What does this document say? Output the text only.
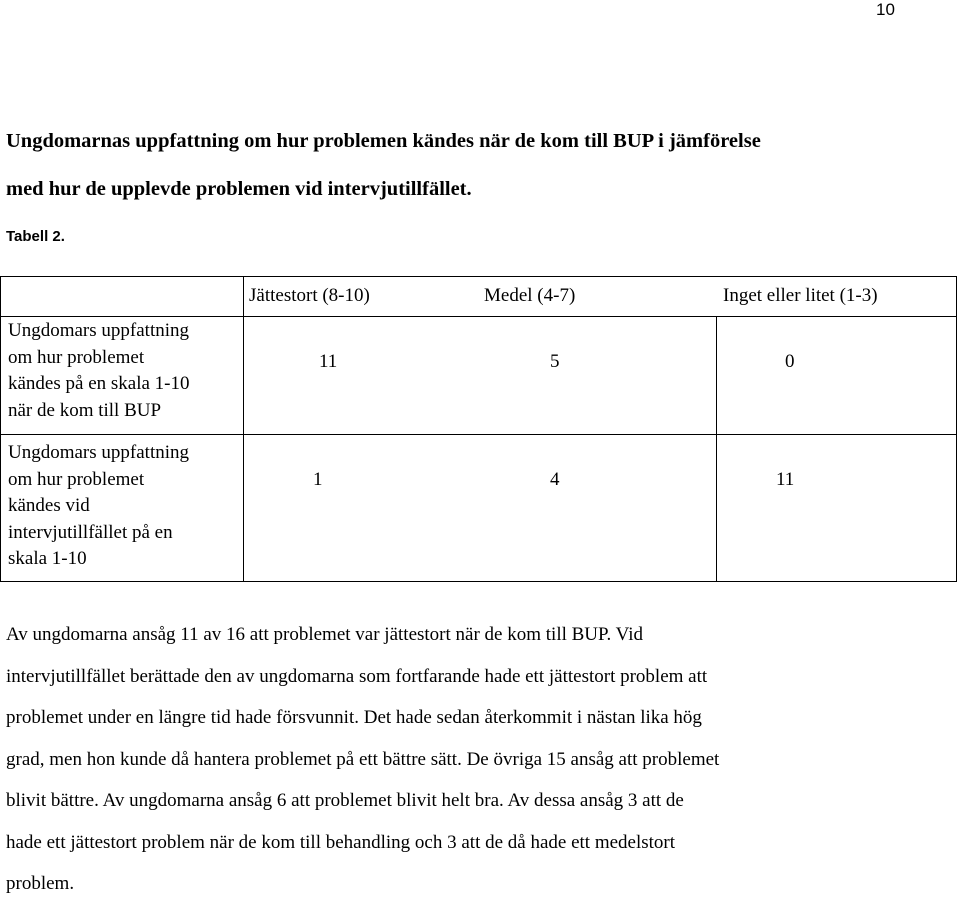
10
Ungdomarnas uppfattning om hur problemen kändes när de kom till BUP i jämförelse
med hur de upplevde problemen vid intervjutillfället.
Tabell 2.
Jättestort (8-10)	Medel (4-7)	Inget eller litet (1-3)
Ungdomars uppfattning
om hur problemet
kändes på en skala 1-10
när de kom till BUP
11	5	0
Ungdomars uppfattning
om hur problemet
kändes vid
intervjutillfället på en
skala 1-10
1	4	11
Av ungdomarna ansåg 11 av 16 att problemet var jättestort när de kom till BUP. Vid
intervjutillfället berättade den av ungdomarna som fortfarande hade ett jättestort problem att
problemet under en längre tid hade försvunnit. Det hade sedan återkommit i nästan lika hög
grad, men hon kunde då hantera problemet på ett bättre sätt. De övriga 15 ansåg att problemet
blivit bättre. Av ungdomarna ansåg 6 att problemet blivit helt bra. Av dessa ansåg 3 att de
hade ett jättestort problem när de kom till behandling och 3 att de då hade ett medelstort
problem.
